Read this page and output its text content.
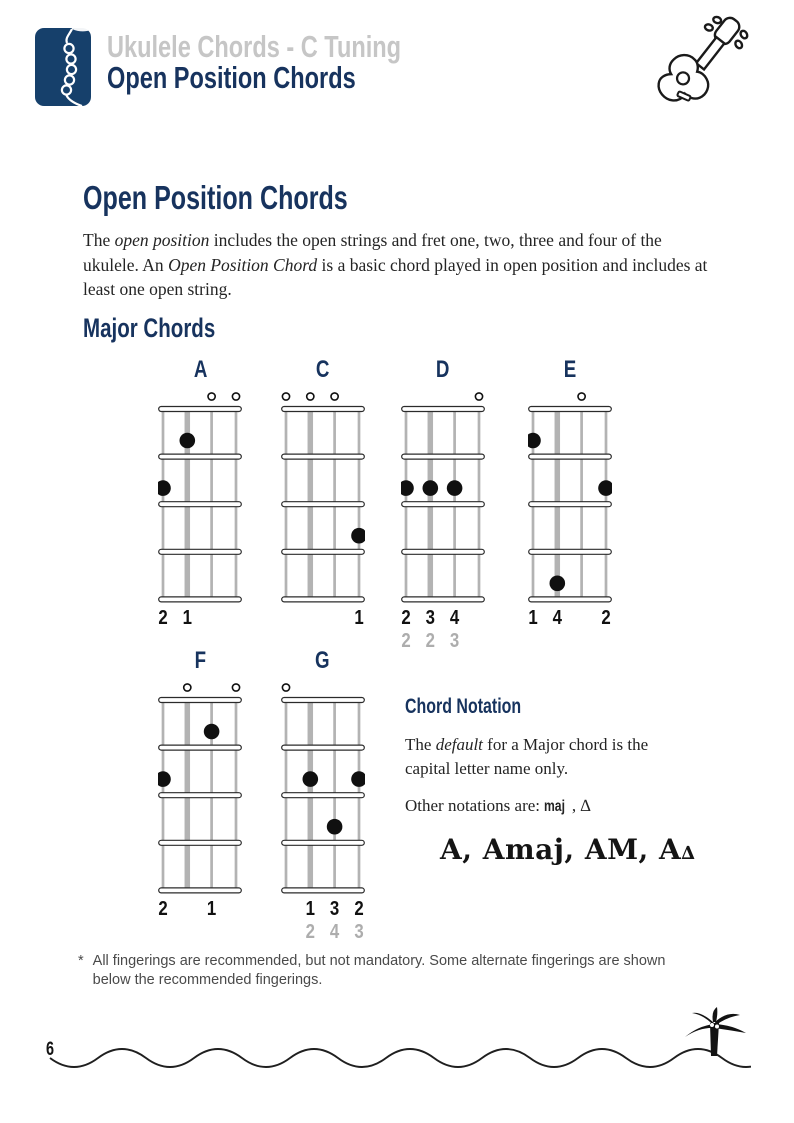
Ukulele Chords - C Tuning
Open Position Chords
Open Position Chords
The open position includes the open strings and fret one, two, three and four of the
ukulele. An Open Position Chord is a basic chord played in open position and includes at
least one open string.
Major Chords
A
2 1
C
1
D
2 3 4
2 2 3
E
1 4 2
F
2 1
G
1 3 2
2 4 3
Chord Notation
The default for a Major chord is the
capital letter name only.
Other notations are: maj , ∆
A, Amaj, AM, A∆
* All fingerings are recommended, but not mandatory. Some alternate fingerings are shown
below the recommended fingerings.
6
